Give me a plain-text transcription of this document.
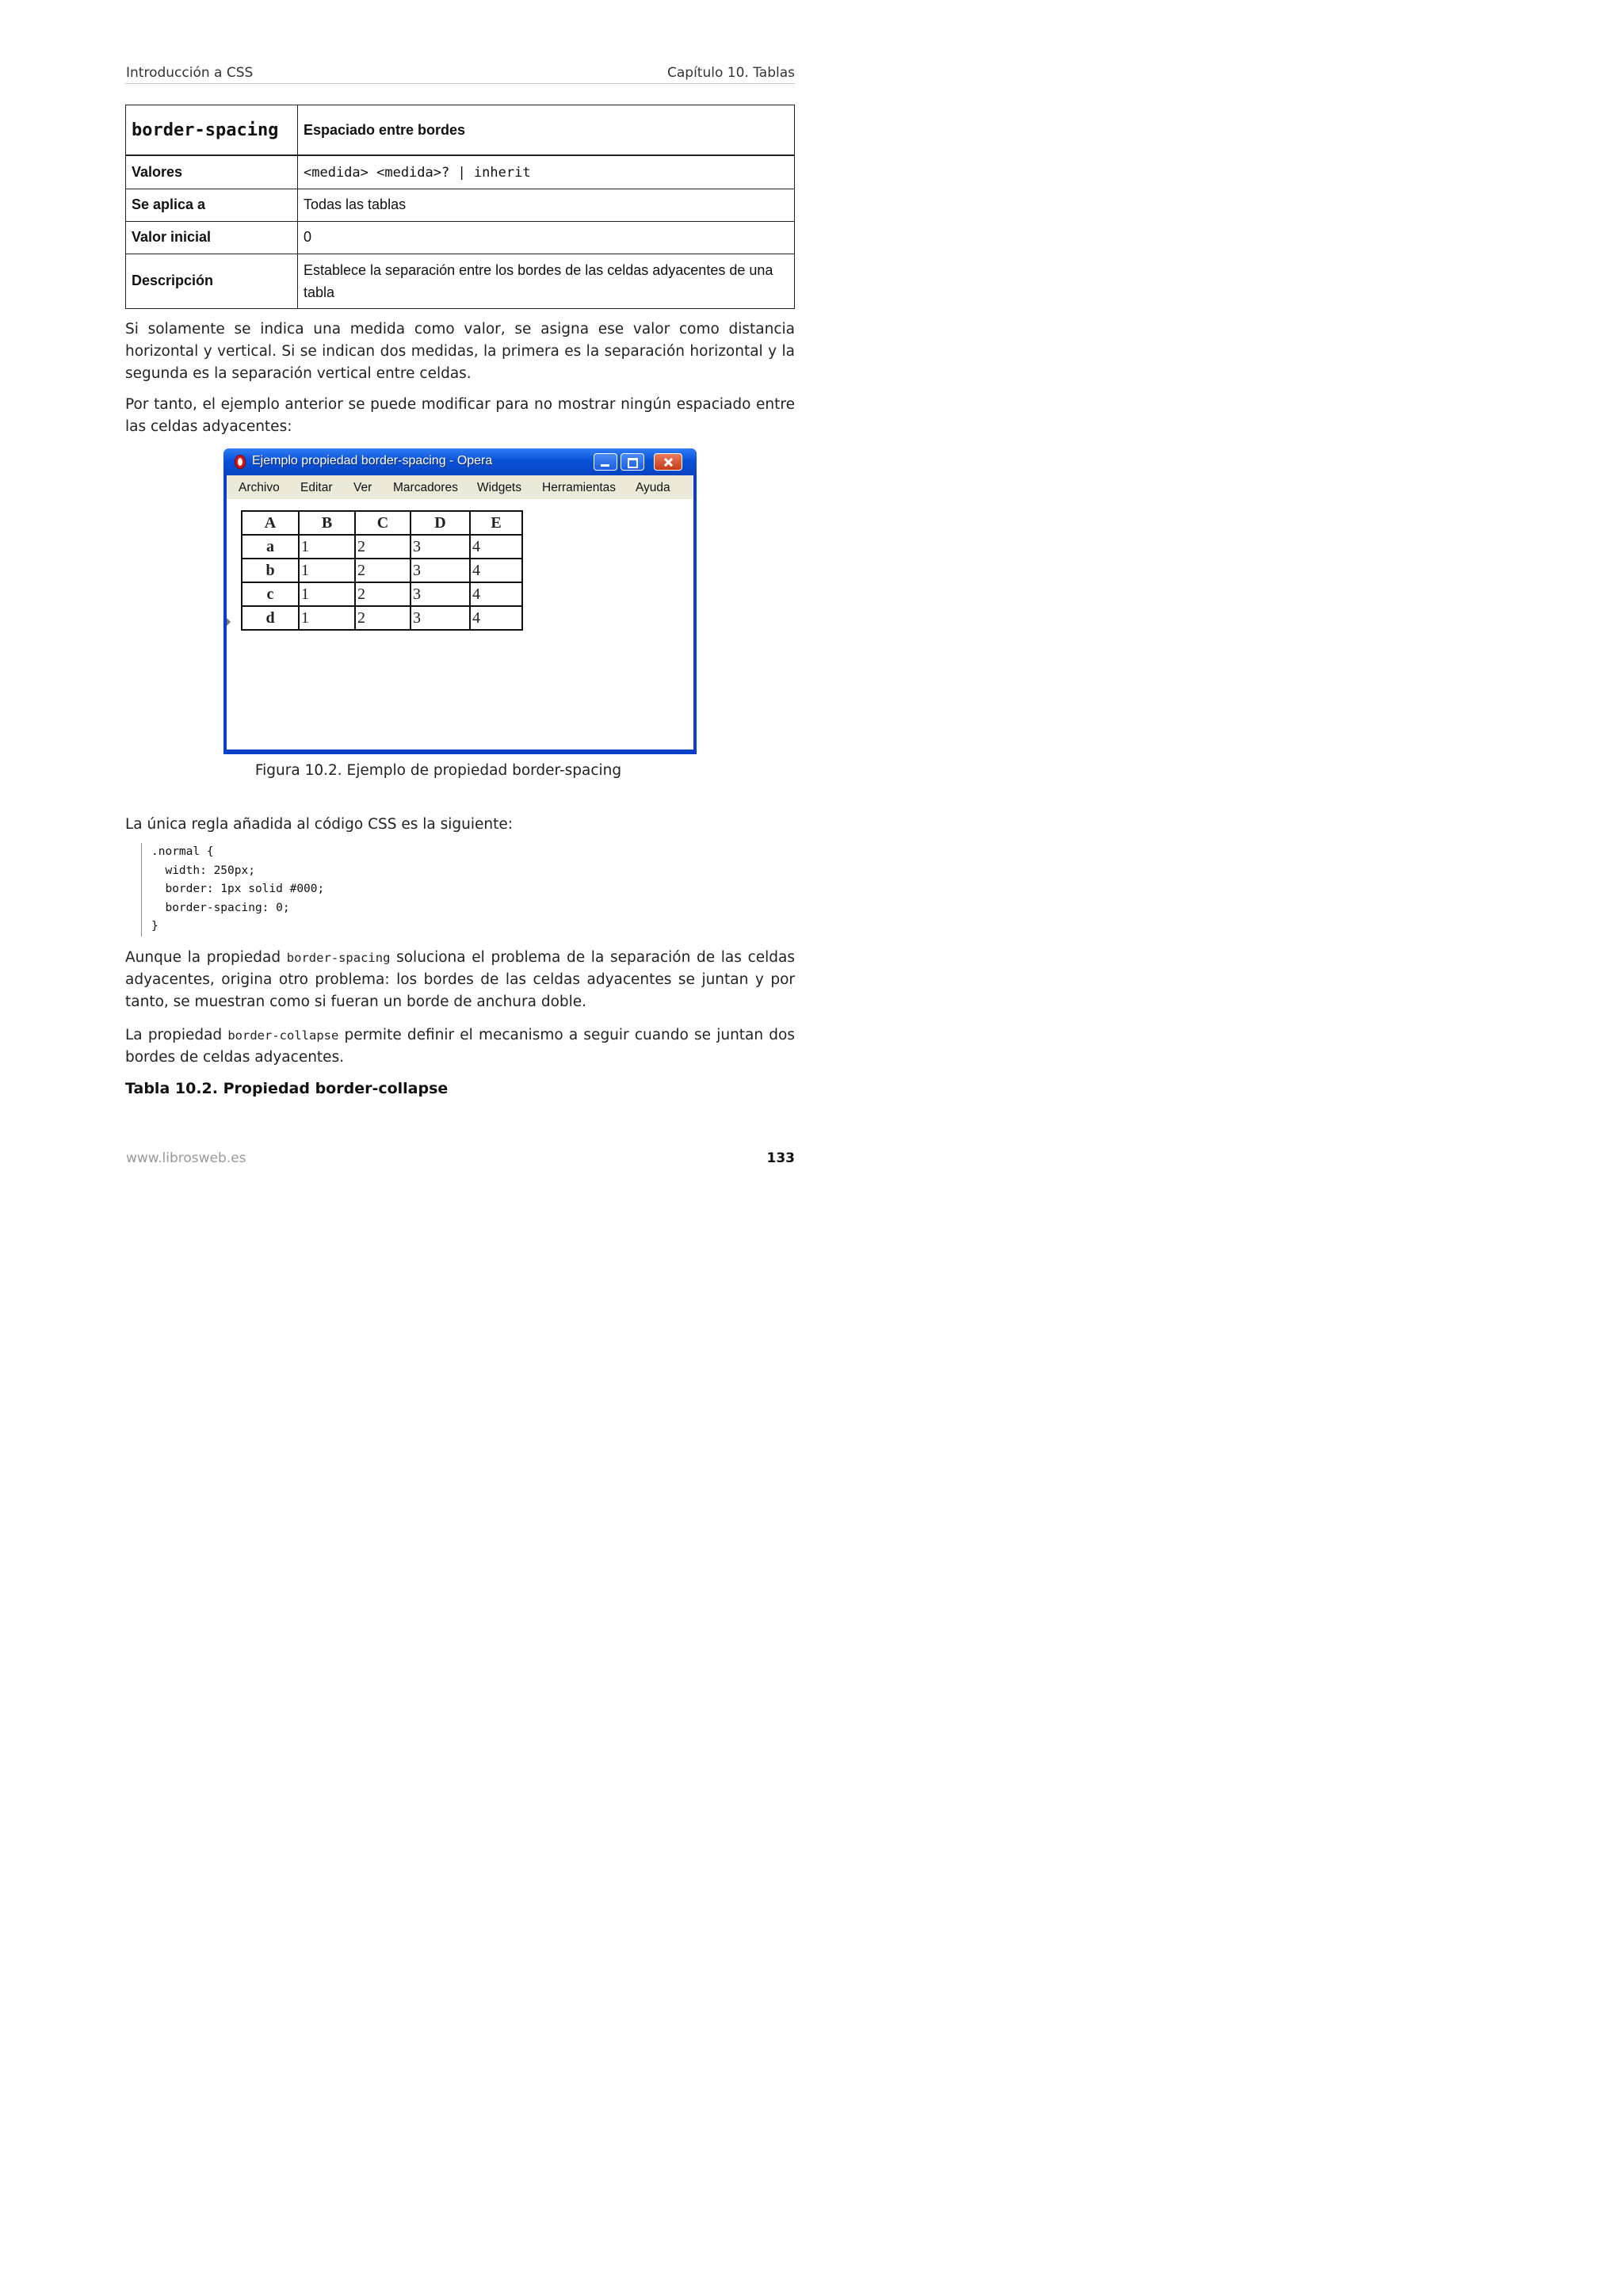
Introducción a CSS	Capítulo 10. Tablas
border-spacing	Espaciado entre bordes
Valores	<medida> <medida>? | inherit
Se aplica a	Todas las tablas
Valor inicial	0
Descripción	Establece la separación entre los bordes de las celdas adyacentes de una tabla

Si solamente se indica una medida como valor, se asigna ese valor como distancia horizontal y vertical. Si se indican dos medidas, la primera es la separación horizontal y la segunda es la separación vertical entre celdas.

Por tanto, el ejemplo anterior se puede modificar para no mostrar ningún espaciado entre las celdas adyacentes:

Ejemplo propiedad border-spacing - Opera
Archivo Editar Ver Marcadores Widgets Herramientas Ayuda
A	B	C	D	E
a	1	2	3	4
b	1	2	3	4
c	1	2	3	4
d	1	2	3	4
Figura 10.2. Ejemplo de propiedad border-spacing

La única regla añadida al código CSS es la siguiente:

.normal {
width: 250px;
border: 1px solid #000;
border-spacing: 0;
}

Aunque la propiedad border-spacing soluciona el problema de la separación de las celdas adyacentes, origina otro problema: los bordes de las celdas adyacentes se juntan y por tanto, se muestran como si fueran un borde de anchura doble.

La propiedad border-collapse permite definir el mecanismo a seguir cuando se juntan dos bordes de celdas adyacentes.

Tabla 10.2. Propiedad border-collapse

www.librosweb.es	133
